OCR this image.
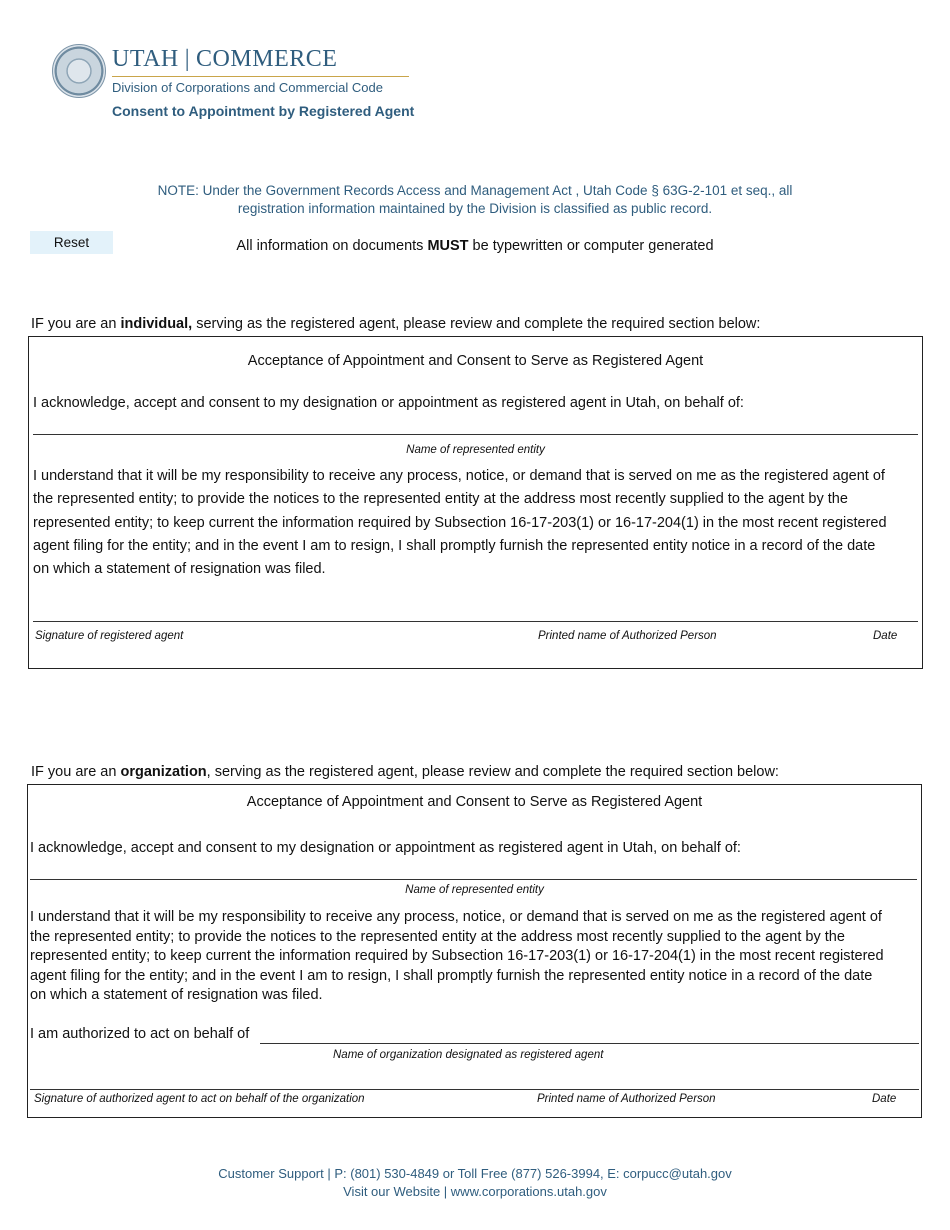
UTAH | COMMERCE
Division of Corporations and Commercial Code
Consent to Appointment by Registered Agent
NOTE: Under the Government Records Access and Management Act , Utah Code § 63G-2-101 et seq., all
registration information maintained by the Division is classified as public record.
Reset	All information on documents MUST be typewritten or computer generated
IF you are an individual, serving as the registered agent, please review and complete the required section below:
Acceptance of Appointment and Consent to Serve as Registered Agent
I acknowledge, accept and consent to my designation or appointment as registered agent in Utah, on behalf of:
Name of represented entity
I understand that it will be my responsibility to receive any process, notice, or demand that is served on me as the registered agent of
the represented entity; to provide the notices to the represented entity at the address most recently supplied to the agent by the
represented entity; to keep current the information required by Subsection 16-17-203(1) or 16-17-204(1) in the most recent registered
agent filing for the entity; and in the event I am to resign, I shall promptly furnish the represented entity notice in a record of the date
on which a statement of resignation was filed.
Signature of registered agent	Printed name of Authorized Person	Date
IF you are an organization, serving as the registered agent, please review and complete the required section below:
Acceptance of Appointment and Consent to Serve as Registered Agent
I acknowledge, accept and consent to my designation or appointment as registered agent in Utah, on behalf of:
Name of represented entity
I understand that it will be my responsibility to receive any process, notice, or demand that is served on me as the registered agent of
the represented entity; to provide the notices to the represented entity at the address most recently supplied to the agent by the
represented entity; to keep current the information required by Subsection 16-17-203(1) or 16-17-204(1) in the most recent registered
agent filing for the entity; and in the event I am to resign, I shall promptly furnish the represented entity notice in a record of the date
on which a statement of resignation was filed.
I am authorized to act on behalf of
Name of organization designated as registered agent
Signature of authorized agent to act on behalf of the organization	Printed name of Authorized Person	Date
Customer Support | P: (801) 530-4849 or Toll Free (877) 526-3994, E: corpucc@utah.gov
Visit our Website | www.corporations.utah.gov
